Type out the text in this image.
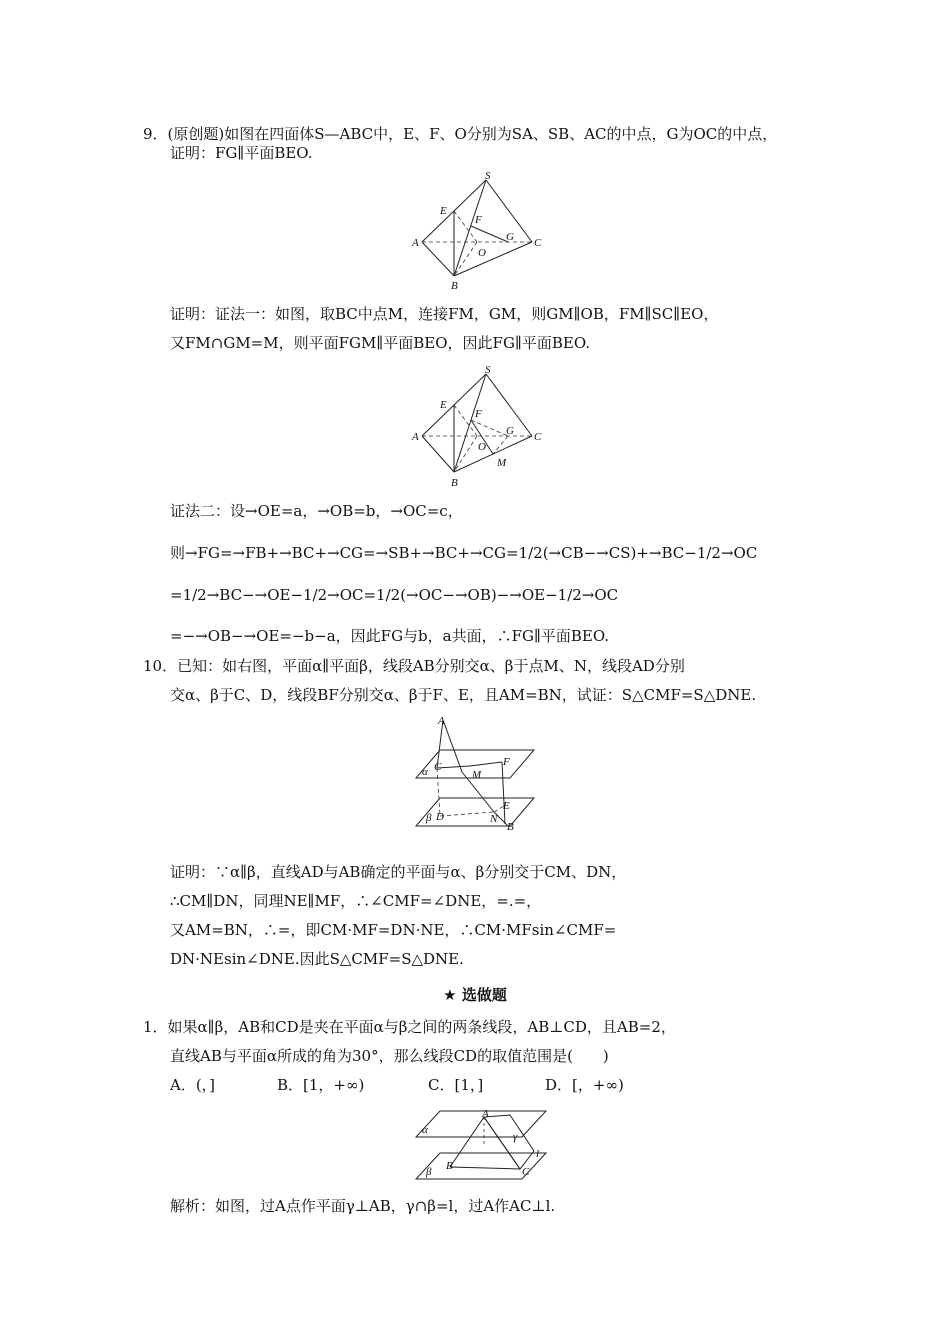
9．(原创题)如图在四面体S—ABC中，E、F、O分别为SA、SB、AC的中点，G为OC的中点，
证明：FG∥平面BEO.
S
E
F
A	G C
O
B
证明：证法一：如图，取BC中点M，连接FM，GM，则GM∥OB，FM∥SC∥EO，
又FM∩GM=M，则平面FGM∥平面BEO，因此FG∥平面BEO.
S
E
F
A	G C
O
M
B
证法二：设→OE=a，→OB=b，→OC=c，
则→FG=→FB+→BC+→CG=→SB+→BC+→CG=1/2(→CB−→CS)+→BC−1/2→OC
=1/2→BC−→OE−1/2→OC=1/2(→OC−→OB)−→OE−1/2→OC
=−→OB−→OE=−b−a，因此FG与b，a共面，∴FG∥平面BEO.
10．已知：如右图，平面α∥平面β，线段AB分别交α、β于点M、N，线段AD分别
交α、β于C、D，线段BF分别交α、β于F、E，且AM=BN，试证：S△CMF=S△DNE.
A
α C
M
F
E
β D	N
B
证明：∵α∥β，直线AD与AB确定的平面与α、β分别交于CM、DN，
∴CM∥DN，同理NE∥MF，∴∠CMF=∠DNE，=.=，
又AM=BN，∴=，即CM·MF=DN·NE，∴CM·MFsin∠CMF=
DN·NEsin∠DNE.因此S△CMF=S△DNE.
★ 选做题
1．如果α∥β，AB和CD是夹在平面α与β之间的两条线段，AB⊥CD，且AB=2，
直线AB与平面α所成的角为30°，那么线段CD的取值范围是(　　)
A．(，]	B．[1，+∞)	C．[1，]	D．[，+∞)
A
α
γ
l
B	C
β
解析：如图，过A点作平面γ⊥AB，γ∩β=l，过A作AC⊥l.
